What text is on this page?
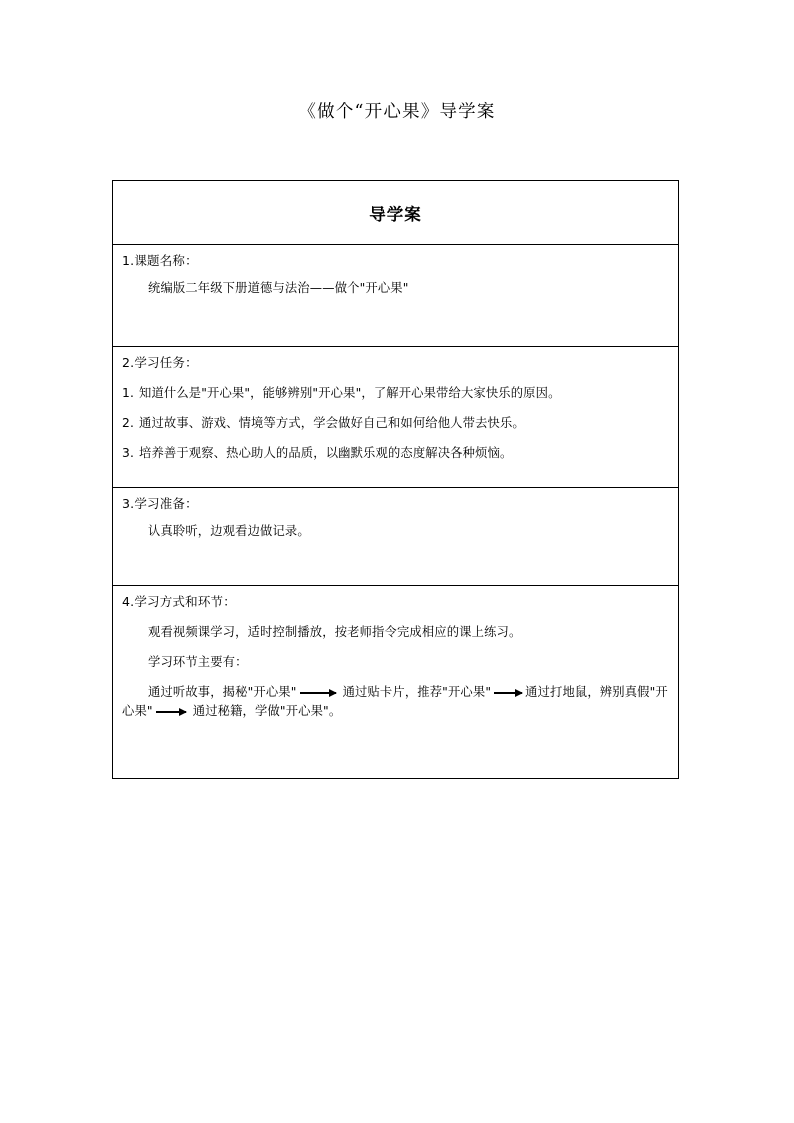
《做个“开心果》导学案
导学案

1.课题名称：

统编版二年级下册道德与法治——做个"开心果"

2.学习任务：

1. 知道什么是"开心果"，能够辨别"开心果"，了解开心果带给大家快乐的原因。
2. 通过故事、游戏、情境等方式，学会做好自己和如何给他人带去快乐。
3. 培养善于观察、热心助人的品质，以幽默乐观的态度解决各种烦恼。

3.学习准备：

认真聆听，边观看边做记录。

4.学习方式和环节：

观看视频课学习，适时控制播放，按老师指令完成相应的课上练习。

学习环节主要有：

通过听故事，揭秘"开心果"	通过贴卡片，推荐"开心果"	通过打地鼠，辨别真假"开心果"	通过秘籍，学做"开心果"。
